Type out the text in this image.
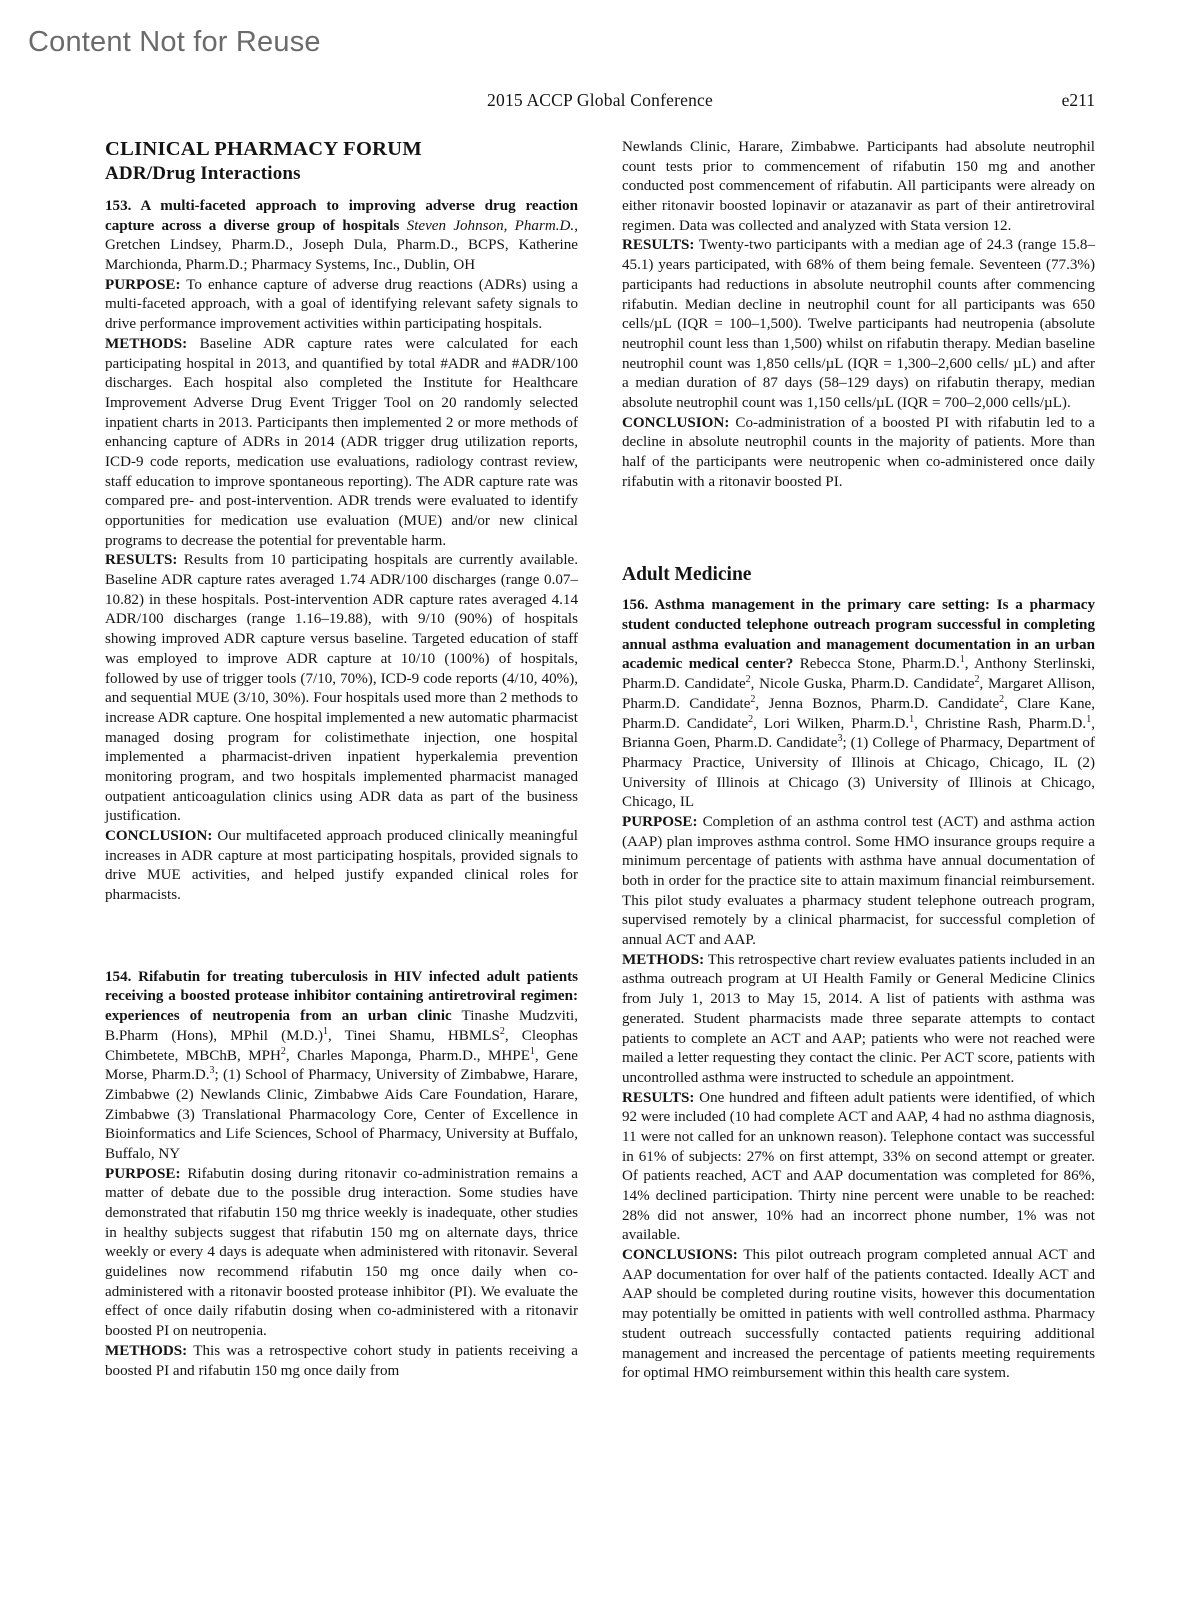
Content Not for Reuse
2015 ACCP Global Conference	e211
CLINICAL PHARMACY FORUM
ADR/Drug Interactions

153. A multi-faceted approach to improving adverse drug reaction capture across a diverse group of hospitals Steven Johnson, Pharm.D., Gretchen Lindsey, Pharm.D., Joseph Dula, Pharm.D., BCPS, Katherine Marchionda, Pharm.D.; Pharmacy Systems, Inc., Dublin, OH

PURPOSE: To enhance capture of adverse drug reactions (ADRs) using a multi-faceted approach, with a goal of identifying relevant safety signals to drive performance improvement activities within participating hospitals.

METHODS: Baseline ADR capture rates were calculated for each participating hospital in 2013, and quantified by total #ADR and #ADR/100 discharges. Each hospital also completed the Institute for Healthcare Improvement Adverse Drug Event Trigger Tool on 20 randomly selected inpatient charts in 2013. Participants then implemented 2 or more methods of enhancing capture of ADRs in 2014 (ADR trigger drug utilization reports, ICD-9 code reports, medication use evaluations, radiology contrast review, staff education to improve spontaneous reporting). The ADR capture rate was compared pre- and post-intervention. ADR trends were evaluated to identify opportunities for medication use evaluation (MUE) and/or new clinical programs to decrease the potential for preventable harm.

RESULTS: Results from 10 participating hospitals are currently available. Baseline ADR capture rates averaged 1.74 ADR/100 discharges (range 0.07–10.82) in these hospitals. Post-intervention ADR capture rates averaged 4.14 ADR/100 discharges (range 1.16–19.88), with 9/10 (90%) of hospitals showing improved ADR capture versus baseline. Targeted education of staff was employed to improve ADR capture at 10/10 (100%) of hospitals, followed by use of trigger tools (7/10, 70%), ICD-9 code reports (4/10, 40%), and sequential MUE (3/10, 30%). Four hospitals used more than 2 methods to increase ADR capture. One hospital implemented a new automatic pharmacist managed dosing program for colistimethate injection, one hospital implemented a pharmacist-driven inpatient hyperkalemia prevention monitoring program, and two hospitals implemented pharmacist managed outpatient anticoagulation clinics using ADR data as part of the business justification.

CONCLUSION: Our multifaceted approach produced clinically meaningful increases in ADR capture at most participating hospitals, provided signals to drive MUE activities, and helped justify expanded clinical roles for pharmacists.

154. Rifabutin for treating tuberculosis in HIV infected adult patients receiving a boosted protease inhibitor containing antiretroviral regimen: experiences of neutropenia from an urban clinic Tinashe Mudzviti, B.Pharm (Hons), MPhil $(M.D.)^1$, Tinei Shamu, HBMLS$^2$, Cleophas Chimbetete, MBChB, MPH$^2$, Charles Maponga, Pharm.D., MHPE$^1$, Gene Morse, Pharm.D.$^3$; (1) School of Pharmacy, University of Zimbabwe, Harare, Zimbabwe (2) Newlands Clinic, Zimbabwe Aids Care Foundation, Harare, Zimbabwe (3) Translational Pharmacology Core, Center of Excellence in Bioinformatics and Life Sciences, School of Pharmacy, University at Buffalo, Buffalo, NY

PURPOSE: Rifabutin dosing during ritonavir co-administration remains a matter of debate due to the possible drug interaction. Some studies have demonstrated that rifabutin 150 mg thrice weekly is inadequate, other studies in healthy subjects suggest that rifabutin 150 mg on alternate days, thrice weekly or every 4 days is adequate when administered with ritonavir. Several guidelines now recommend rifabutin 150 mg once daily when co-administered with a ritonavir boosted protease inhibitor (PI). We evaluate the effect of once daily rifabutin dosing when co-administered with a ritonavir boosted PI on neutropenia.

METHODS: This was a retrospective cohort study in patients receiving a boosted PI and rifabutin 150 mg once daily from

Newlands Clinic, Harare, Zimbabwe. Participants had absolute neutrophil count tests prior to commencement of rifabutin 150 mg and another conducted post commencement of rifabutin. All participants were already on either ritonavir boosted lopinavir or atazanavir as part of their antiretroviral regimen. Data was collected and analyzed with Stata version 12.

RESULTS: Twenty-two participants with a median age of 24.3 (range 15.8–45.1) years participated, with 68% of them being female. Seventeen (77.3%) participants had reductions in absolute neutrophil counts after commencing rifabutin. Median decline in neutrophil count for all participants was 650 cells/µL (IQR = 100–1,500). Twelve participants had neutropenia (absolute neutrophil count less than 1,500) whilst on rifabutin therapy. Median baseline neutrophil count was 1,850 cells/µL (IQR = 1,300–2,600 cells/ µL) and after a median duration of 87 days (58–129 days) on rifabutin therapy, median absolute neutrophil count was 1,150 cells/µL (IQR = 700–2,000 cells/µL).

CONCLUSION: Co-administration of a boosted PI with rifabutin led to a decline in absolute neutrophil counts in the majority of patients. More than half of the participants were neutropenic when co-administered once daily rifabutin with a ritonavir boosted PI.

Adult Medicine

156. Asthma management in the primary care setting: Is a pharmacy student conducted telephone outreach program successful in completing annual asthma evaluation and management documentation in an urban academic medical center? Rebecca Stone, Pharm.D.$^1$, Anthony Sterlinski, Pharm.D. Candidate$^2$, Nicole Guska, Pharm.D. Candidate$^2$, Margaret Allison, Pharm.D. Candidate$^2$, Jenna Boznos, Pharm.D. Candidate$^2$, Clare Kane, Pharm.D. Candidate$^2$, Lori Wilken, Pharm.D.$^1$, Christine Rash, Pharm.D.$^1$, Brianna Goen, Pharm.D. Candidate$^3$; (1) College of Pharmacy, Department of Pharmacy Practice, University of Illinois at Chicago, Chicago, IL (2) University of Illinois at Chicago (3) University of Illinois at Chicago, Chicago, IL

PURPOSE: Completion of an asthma control test (ACT) and asthma action (AAP) plan improves asthma control. Some HMO insurance groups require a minimum percentage of patients with asthma have annual documentation of both in order for the practice site to attain maximum financial reimbursement. This pilot study evaluates a pharmacy student telephone outreach program, supervised remotely by a clinical pharmacist, for successful completion of annual ACT and AAP.

METHODS: This retrospective chart review evaluates patients included in an asthma outreach program at UI Health Family or General Medicine Clinics from July 1, 2013 to May 15, 2014. A list of patients with asthma was generated. Student pharmacists made three separate attempts to contact patients to complete an ACT and AAP; patients who were not reached were mailed a letter requesting they contact the clinic. Per ACT score, patients with uncontrolled asthma were instructed to schedule an appointment.

RESULTS: One hundred and fifteen adult patients were identified, of which 92 were included (10 had complete ACT and AAP, 4 had no asthma diagnosis, 11 were not called for an unknown reason). Telephone contact was successful in 61% of subjects: 27% on first attempt, 33% on second attempt or greater. Of patients reached, ACT and AAP documentation was completed for 86%, 14% declined participation. Thirty nine percent were unable to be reached: 28% did not answer, 10% had an incorrect phone number, 1% was not available.

CONCLUSIONS: This pilot outreach program completed annual ACT and AAP documentation for over half of the patients contacted. Ideally ACT and AAP should be completed during routine visits, however this documentation may potentially be omitted in patients with well controlled asthma. Pharmacy student outreach successfully contacted patients requiring additional management and increased the percentage of patients meeting requirements for optimal HMO reimbursement within this health care system.
